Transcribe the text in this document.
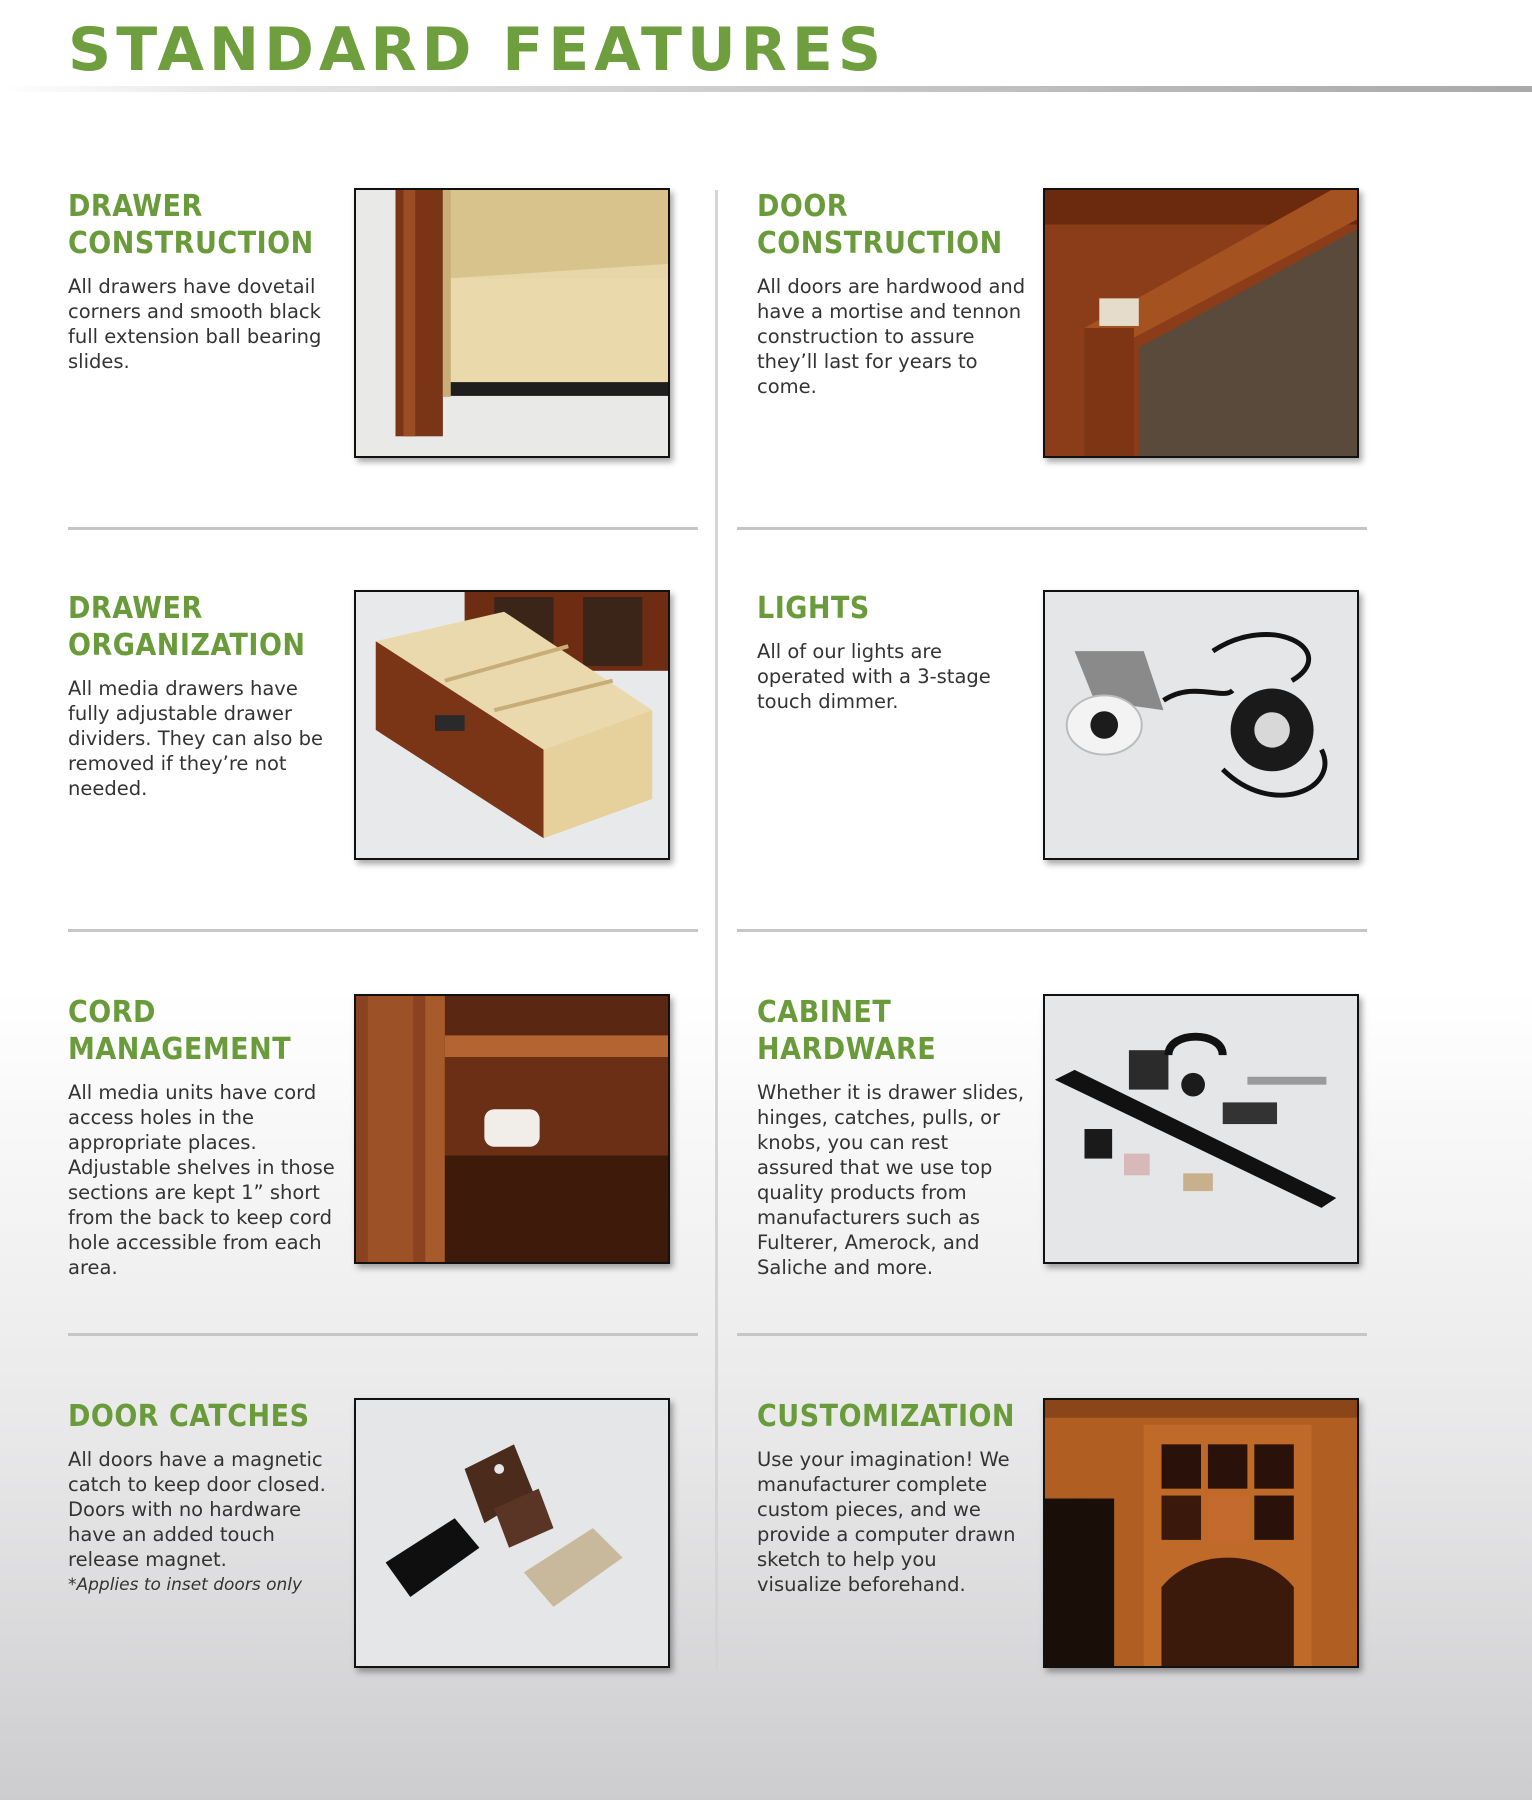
STANDARD FEATURES
DRAWER CONSTRUCTION

All drawers have dovetail corners and smooth black full extension ball bearing slides.

DOOR CONSTRUCTION

All doors are hardwood and have a mortise and tennon construction to assure they’ll last for years to come.

DRAWER ORGANIZATION

All media drawers have fully adjustable drawer dividers. They can also be removed if they’re not needed.

LIGHTS

All of our lights are operated with a 3-stage touch dimmer.

CORD MANAGEMENT

All media units have cord access holes in the appropriate places. Adjustable shelves in those sections are kept 1” short from the back to keep cord hole accessible from each area.

CABINET HARDWARE

Whether it is drawer slides, hinges, catches, pulls, or knobs, you can rest assured that we use top quality products from manufacturers such as Fulterer, Amerock, and Saliche and more.

DOOR CATCHES

All doors have a magnetic catch to keep door closed. Doors with no hardware have an added touch release magnet.

*Applies to inset doors only

CUSTOMIZATION

Use your imagination! We manufacturer complete custom pieces, and we provide a computer drawn sketch to help you visualize beforehand.
